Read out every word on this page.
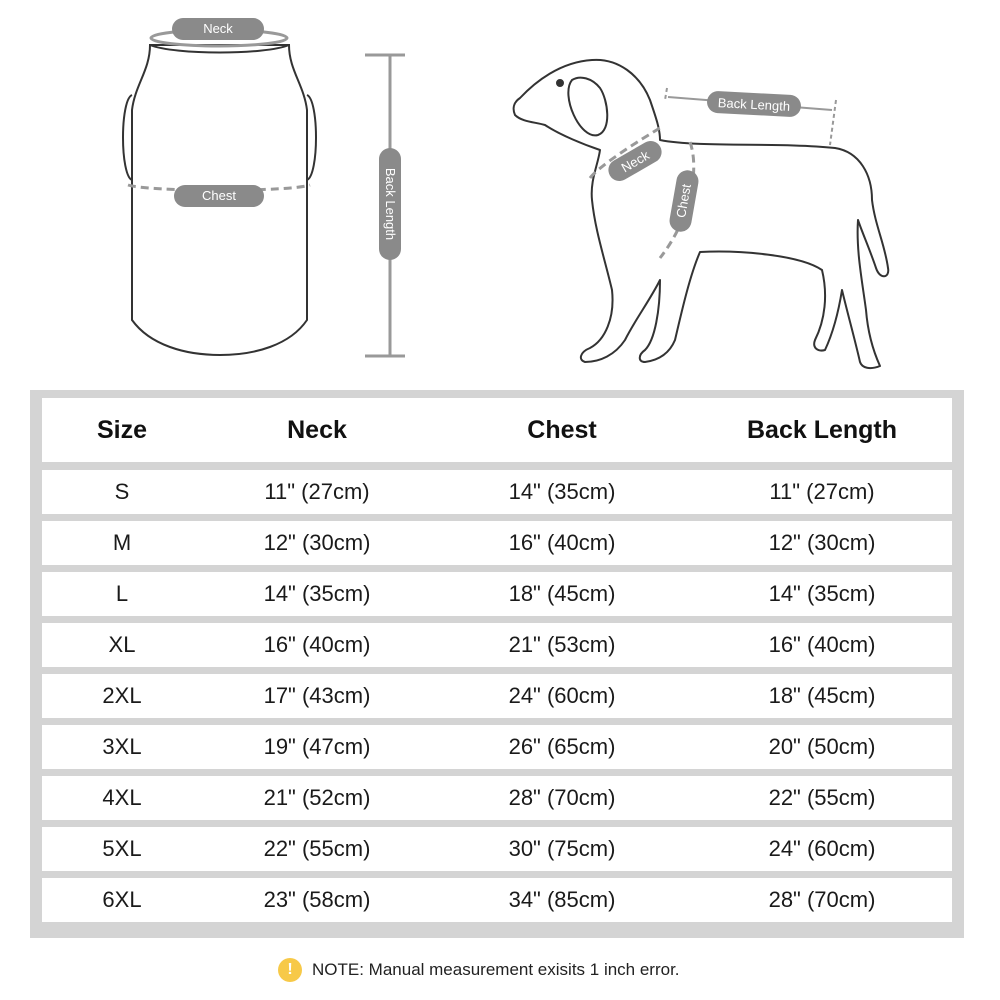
Neck
Chest	Back Length
Back Length
Neck
Chest
Size	Neck	Chest	Back Length
S	11" (27cm)	14" (35cm)	11" (27cm)
M	12" (30cm)	16" (40cm)	12" (30cm)
L	14" (35cm)	18" (45cm)	14" (35cm)
XL	16" (40cm)	21" (53cm)	16" (40cm)
2XL	17" (43cm)	24" (60cm)	18" (45cm)
3XL	19" (47cm)	26" (65cm)	20" (50cm)
4XL	21" (52cm)	28" (70cm)	22" (55cm)
5XL	22" (55cm)	30" (75cm)	24" (60cm)
6XL	23" (58cm)	34" (85cm)	28" (70cm)
!	NOTE: Manual measurement exisits 1 inch error.
